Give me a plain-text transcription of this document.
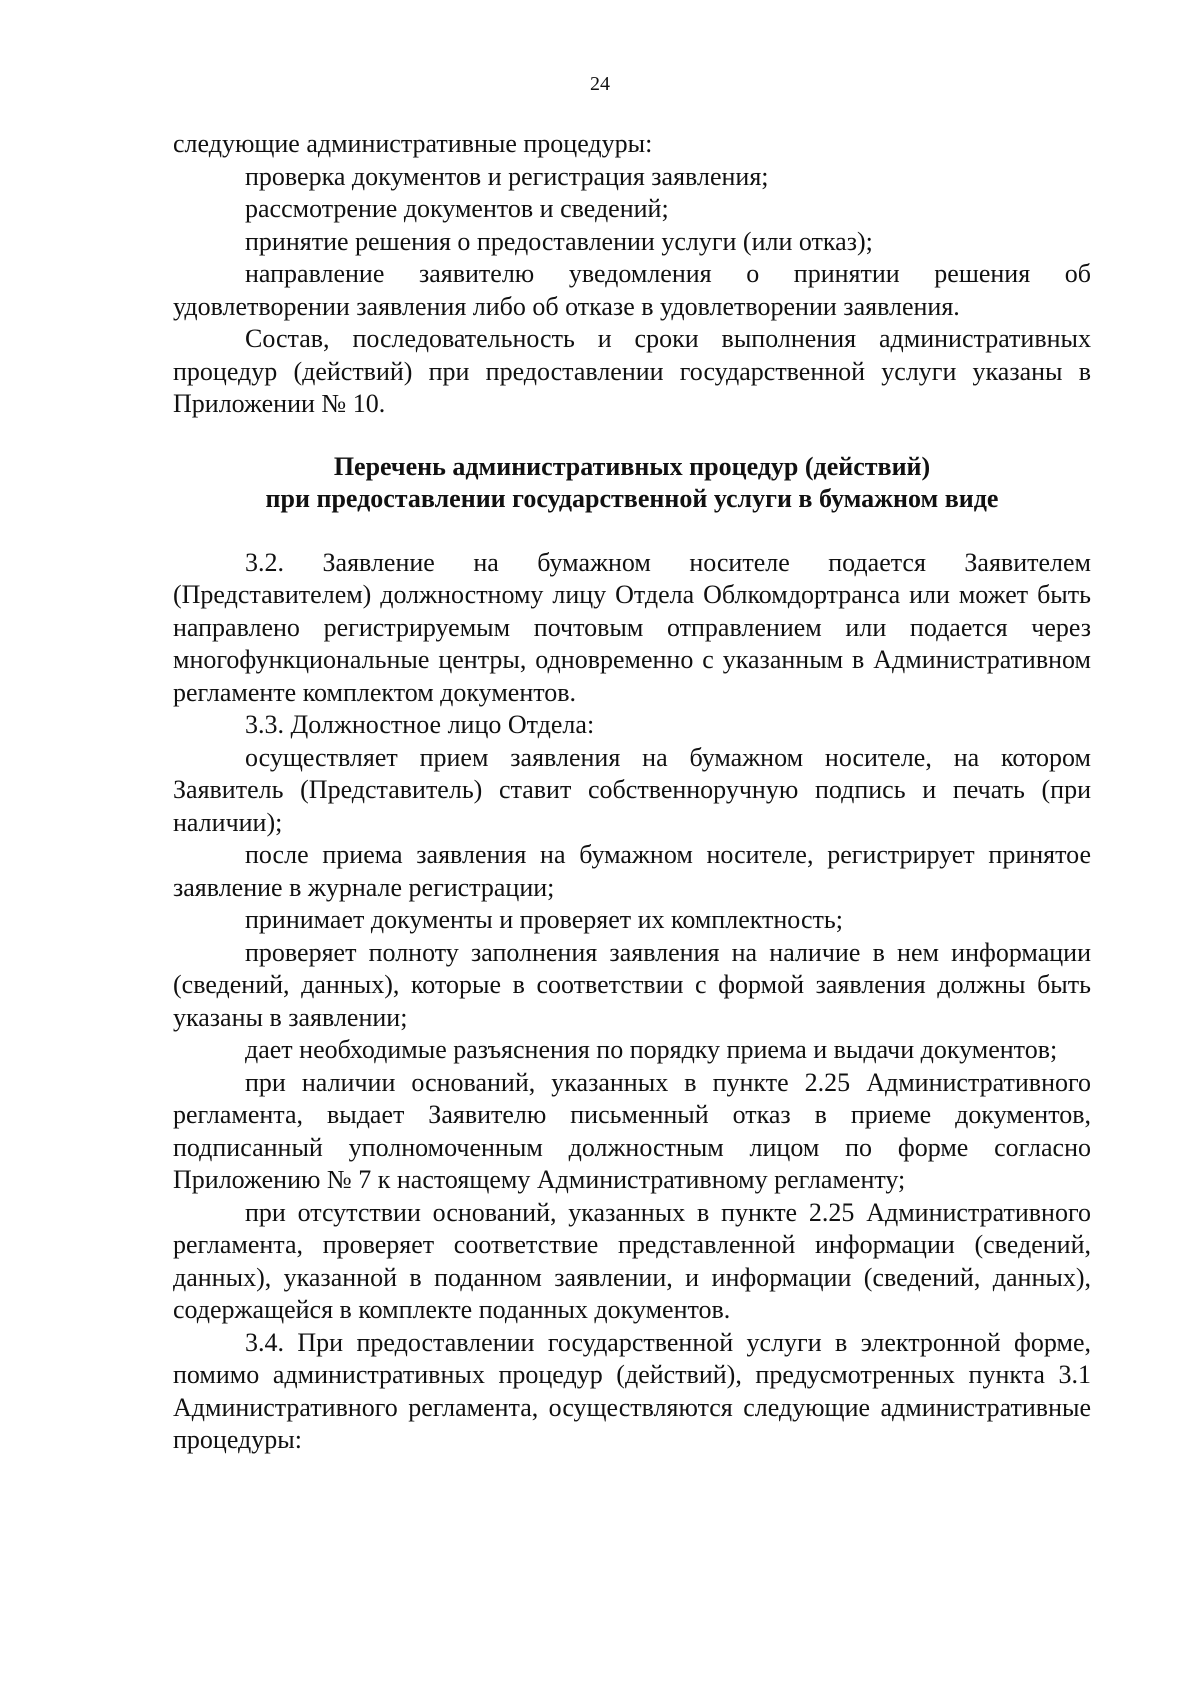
24

следующие административные процедуры:

проверка документов и регистрация заявления;

рассмотрение документов и сведений;

принятие решения о предоставлении услуги (или отказ);

направление заявителю уведомления о принятии решения об удовлетворении заявления либо об отказе в удовлетворении заявления.

Состав, последовательность и сроки выполнения административных процедур (действий) при предоставлении государственной услуги указаны в Приложении № 10.

Перечень административных процедур (действий)
при предоставлении государственной услуги в бумажном виде

3.2. Заявление на бумажном носителе подается Заявителем (Представителем) должностному лицу Отдела Облкомдортранса или может быть направлено регистрируемым почтовым отправлением или подается через многофункциональные центры, одновременно с указанным в Административном регламенте комплектом документов.

3.3. Должностное лицо Отдела:

осуществляет прием заявления на бумажном носителе, на котором Заявитель (Представитель) ставит собственноручную подпись и печать (при наличии);

после приема заявления на бумажном носителе, регистрирует принятое заявление в журнале регистрации;

принимает документы и проверяет их комплектность;

проверяет полноту заполнения заявления на наличие в нем информации (сведений, данных), которые в соответствии с формой заявления должны быть указаны в заявлении;

дает необходимые разъяснения по порядку приема и выдачи документов;

при наличии оснований, указанных в пункте 2.25 Административного регламента, выдает Заявителю письменный отказ в приеме документов, подписанный уполномоченным должностным лицом по форме согласно Приложению № 7 к настоящему Административному регламенту;

при отсутствии оснований, указанных в пункте 2.25 Административного регламента, проверяет соответствие представленной информации (сведений, данных), указанной в поданном заявлении, и информации (сведений, данных), содержащейся в комплекте поданных документов.

3.4. При предоставлении государственной услуги в электронной форме, помимо административных процедур (действий), предусмотренных пункта 3.1 Административного регламента, осуществляются следующие административные процедуры:
